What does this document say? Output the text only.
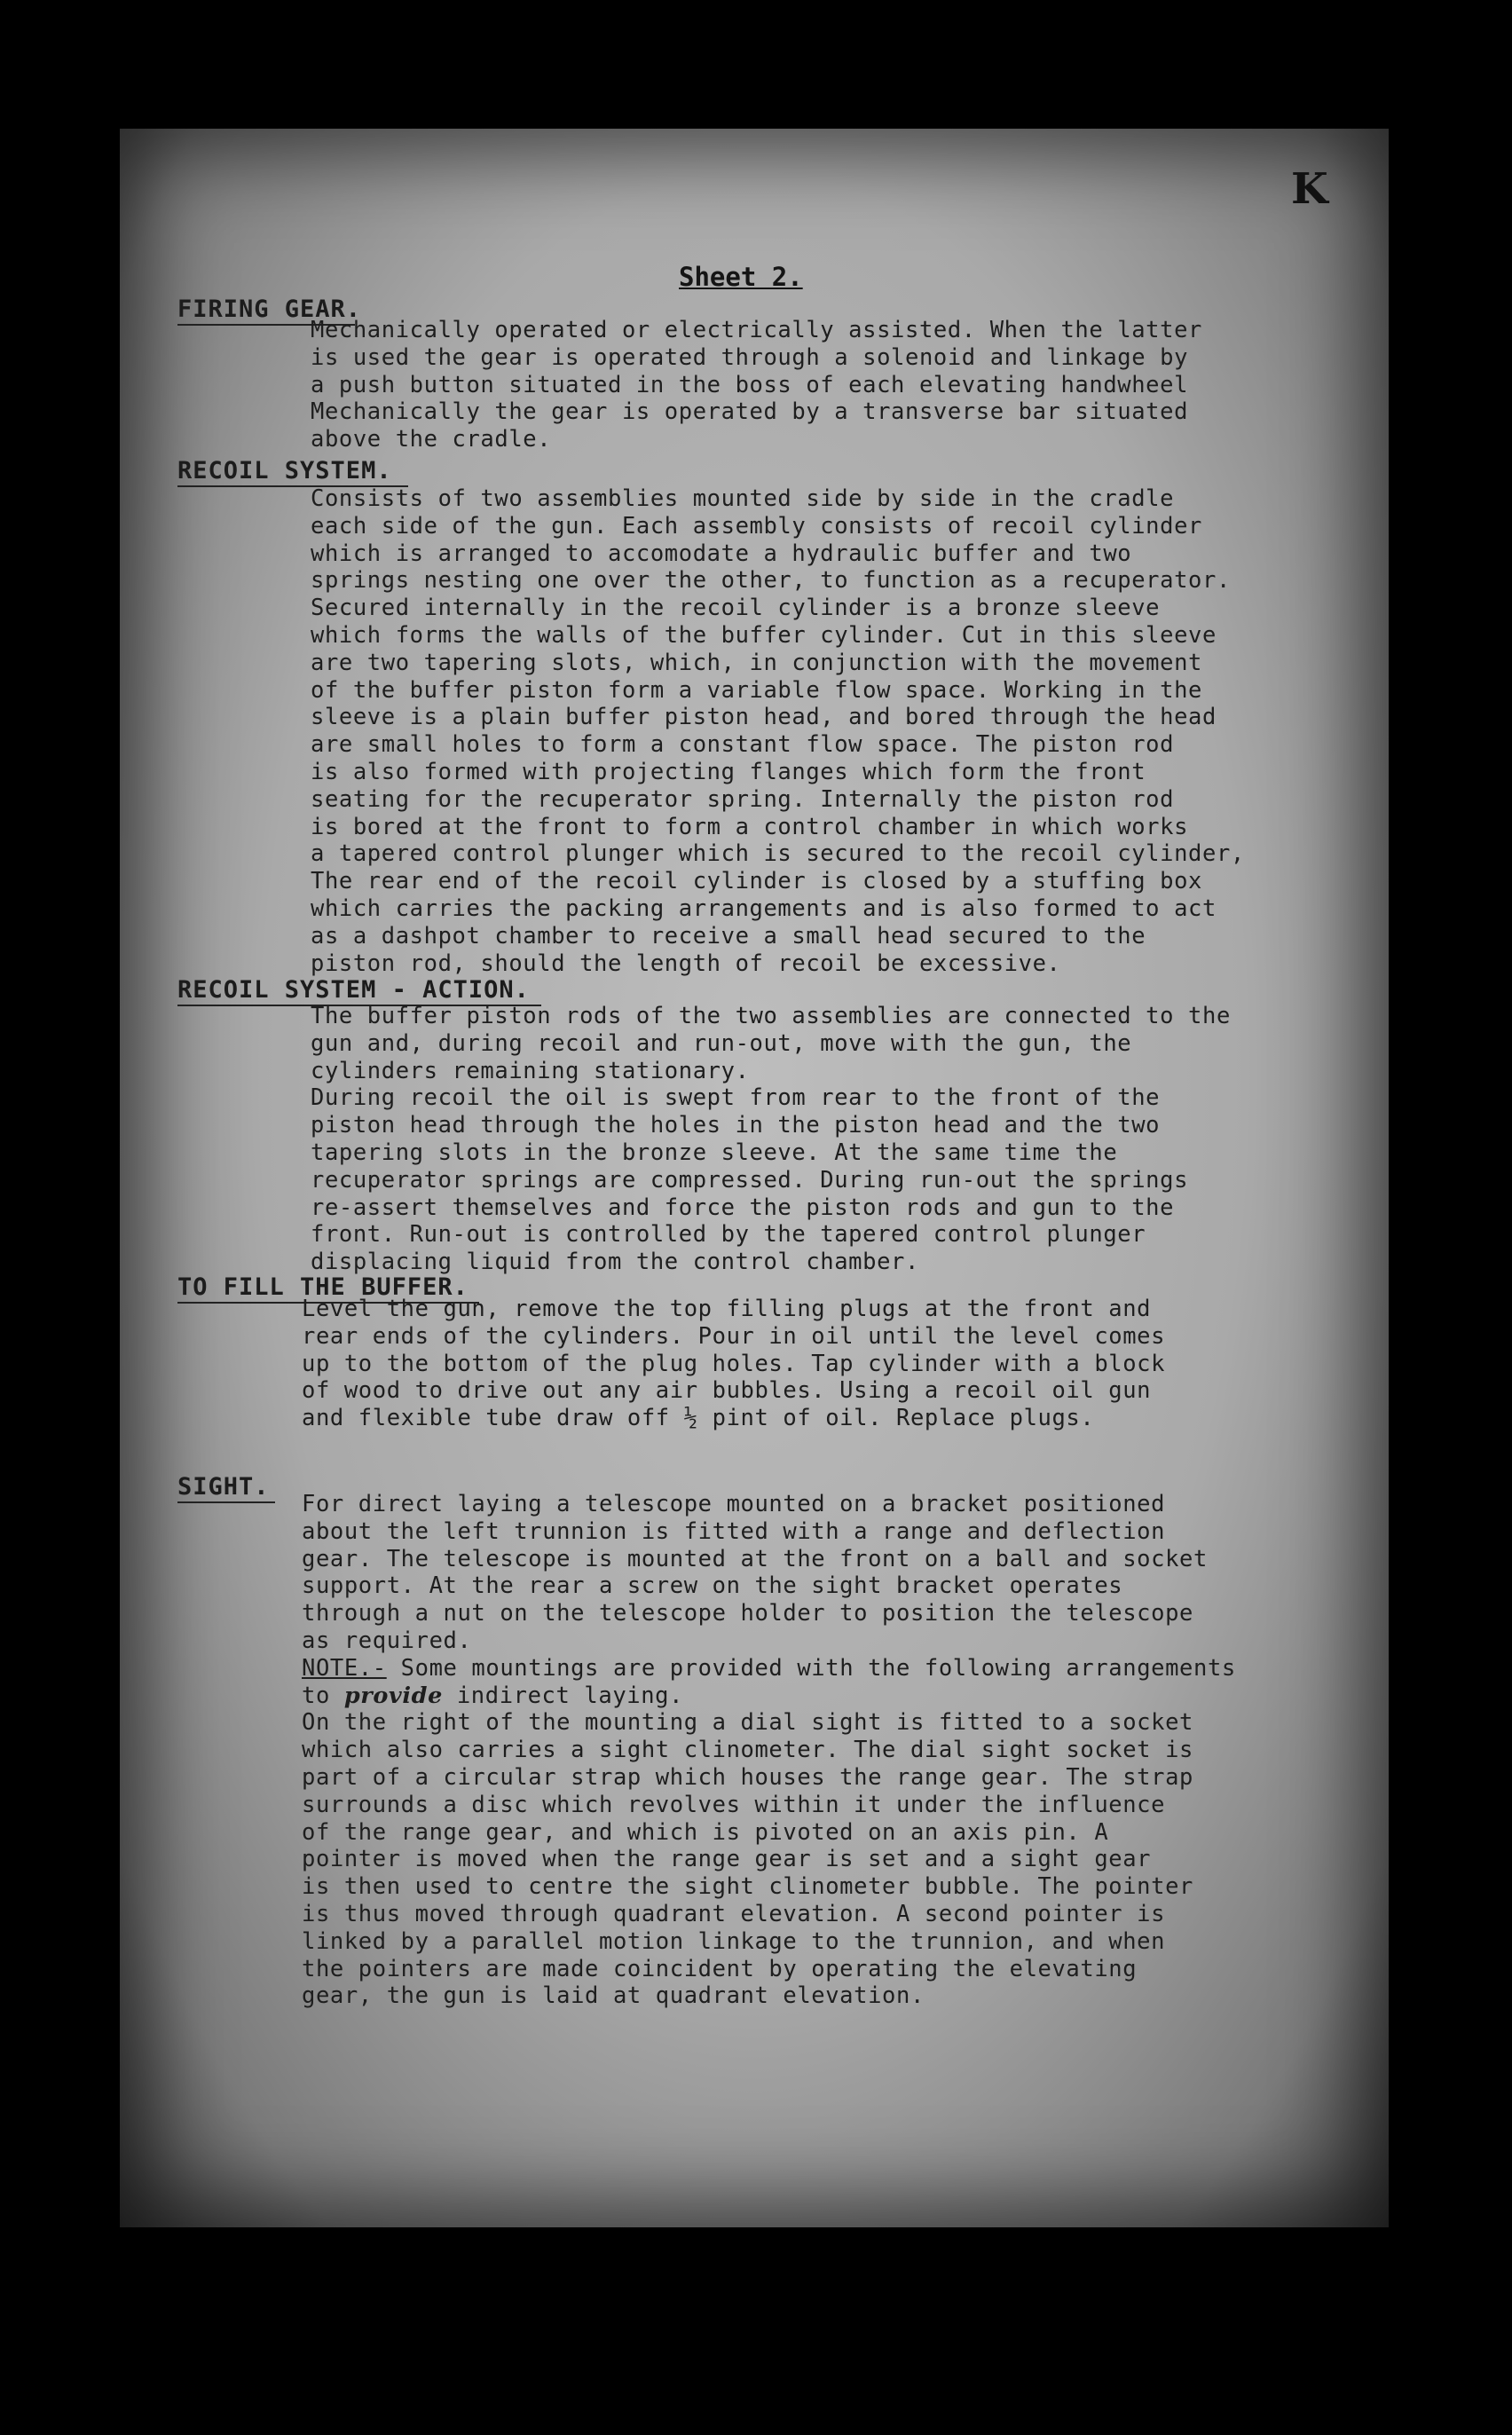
K
Sheet 2.
FIRING GEAR.
Mechanically operated or electrically assisted. When the latter
is used the gear is operated through a solenoid and linkage by
a push button situated in the boss of each elevating handwheel
Mechanically the gear is operated by a transverse bar situated
above the cradle.
RECOIL SYSTEM.
Consists of two assemblies mounted side by side in the cradle
each side of the gun. Each assembly consists of recoil cylinder
which is arranged to accomodate a hydraulic buffer and two
springs nesting one over the other, to function as a recuperator.
Secured internally in the recoil cylinder is a bronze sleeve
which forms the walls of the buffer cylinder. Cut in this sleeve
are two tapering slots, which, in conjunction with the movement
of the buffer piston form a variable flow space. Working in the
sleeve is a plain buffer piston head, and bored through the head
are small holes to form a constant flow space. The piston rod
is also formed with projecting flanges which form the front
seating for the recuperator spring. Internally the piston rod
is bored at the front to form a control chamber in which works
a tapered control plunger which is secured to the recoil cylinder,
The rear end of the recoil cylinder is closed by a stuffing box
which carries the packing arrangements and is also formed to act
as a dashpot chamber to receive a small head secured to the
piston rod, should the length of recoil be excessive.
RECOIL SYSTEM - ACTION.
The buffer piston rods of the two assemblies are connected to the
gun and, during recoil and run-out, move with the gun, the
cylinders remaining stationary.
During recoil the oil is swept from rear to the front of the
piston head through the holes in the piston head and the two
tapering slots in the bronze sleeve. At the same time the
recuperator springs are compressed. During run-out the springs
re-assert themselves and force the piston rods and gun to the
front. Run-out is controlled by the tapered control plunger
displacing liquid from the control chamber.
TO FILL THE BUFFER.
Level the gun, remove the top filling plugs at the front and
rear ends of the cylinders. Pour in oil until the level comes
up to the bottom of the plug holes. Tap cylinder with a block
of wood to drive out any air bubbles. Using a recoil oil gun
and flexible tube draw off ½ pint of oil. Replace plugs.
SIGHT.
For direct laying a telescope mounted on a bracket positioned
about the left trunnion is fitted with a range and deflection
gear. The telescope is mounted at the front on a ball and socket
support. At the rear a screw on the sight bracket operates
through a nut on the telescope holder to position the telescope
as required.
NOTE.- Some mountings are provided with the following arrangements
to provide indirect laying.
On the right of the mounting a dial sight is fitted to a socket
which also carries a sight clinometer. The dial sight socket is
part of a circular strap which houses the range gear. The strap
surrounds a disc which revolves within it under the influence
of the range gear, and which is pivoted on an axis pin. A
pointer is moved when the range gear is set and a sight gear
is then used to centre the sight clinometer bubble. The pointer
is thus moved through quadrant elevation. A second pointer is
linked by a parallel motion linkage to the trunnion, and when
the pointers are made coincident by operating the elevating
gear, the gun is laid at quadrant elevation.
